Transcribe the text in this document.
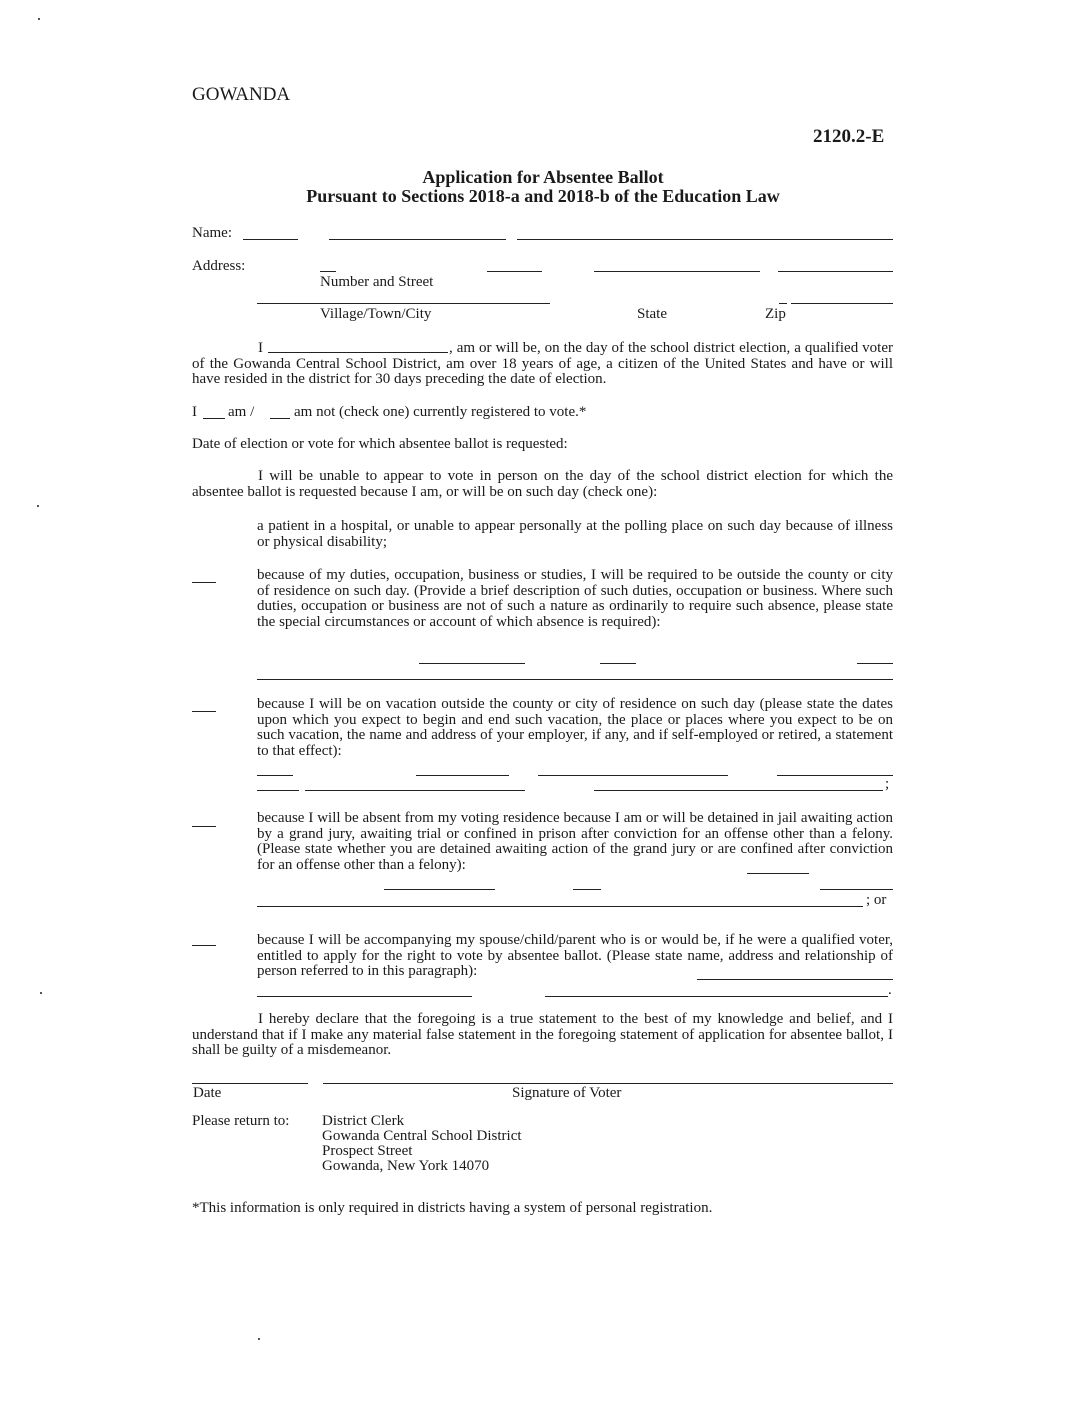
GOWANDA
2120.2-E
Application for Absentee Ballot
Pursuant to Sections 2018-a and 2018-b of the Education Law
Name:
Address:
Number and Street
Village/Town/City	State	Zip
I	, am or will be, on the day of the school district election, a qualified voter of the Gowanda Central School District, am over 18 years of age, a citizen of the United States and have or will have resided in the district for 30 days preceding the date of election.
I am /	am not (check one) currently registered to vote.*
Date of election or vote for which absentee ballot is requested:
I will be unable to appear to vote in person on the day of the school district election for which the absentee ballot is requested because I am, or will be on such day (check one):
a patient in a hospital, or unable to appear personally at the polling place on such day because of illness or physical disability;
because of my duties, occupation, business or studies, I will be required to be outside the county or city of residence on such day. (Provide a brief description of such duties, occupation or business. Where such duties, occupation or business are not of such a nature as ordinarily to require such absence, please state the special circumstances or account of which absence is required):
because I will be on vacation outside the county or city of residence on such day (please state the dates upon which you expect to begin and end such vacation, the place or places where you expect to be on such vacation, the name and address of your employer, if any, and if self-employed or retired, a statement to that effect):
;
because I will be absent from my voting residence because I am or will be detained in jail awaiting action by a grand jury, awaiting trial or confined in prison after conviction for an offense other than a felony. (Please state whether you are detained awaiting action of the grand jury or are confined after conviction for an offense other than a felony):
; or
because I will be accompanying my spouse/child/parent who is or would be, if he were a qualified voter, entitled to apply for the right to vote by absentee ballot. (Please state name, address and relationship of person referred to in this paragraph):
.
I hereby declare that the foregoing is a true statement to the best of my knowledge and belief, and I understand that if I make any material false statement in the foregoing statement of application for absentee ballot, I shall be guilty of a misdemeanor.
Date	Signature of Voter
Please return to: District Clerk
Gowanda Central School District
Prospect Street
Gowanda, New York 14070
*This information is only required in districts having a system of personal registration.
